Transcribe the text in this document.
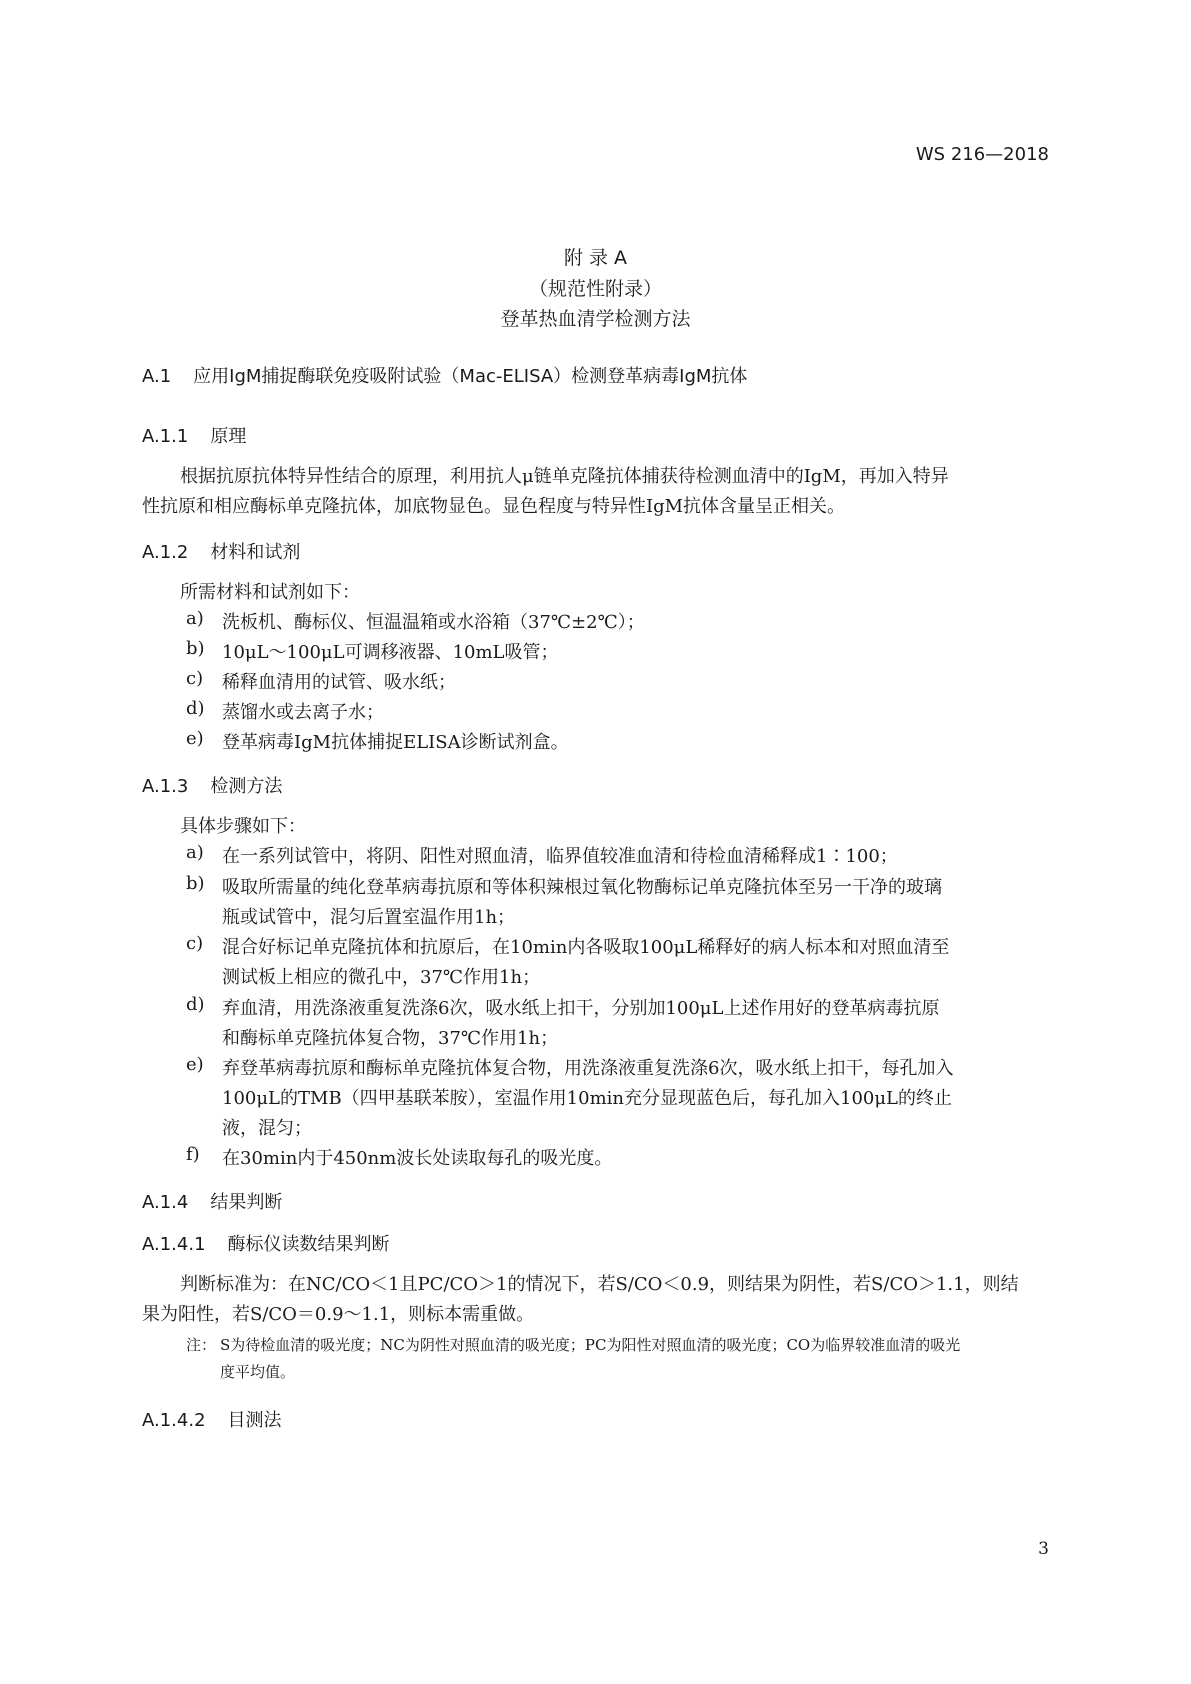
WS 216—2018
附 录 A
（规范性附录）
登革热血清学检测方法
A.1 应用IgM捕捉酶联免疫吸附试验（Mac-ELISA）检测登革病毒IgM抗体
A.1.1 原理
根据抗原抗体特异性结合的原理，利用抗人μ链单克隆抗体捕获待检测血清中的IgM，再加入特异
性抗原和相应酶标单克隆抗体，加底物显色。显色程度与特异性IgM抗体含量呈正相关。
A.1.2 材料和试剂
所需材料和试剂如下：
a) 洗板机、酶标仪、恒温温箱或水浴箱（37℃±2℃）；
b) 10μL～100μL可调移液器、10mL吸管；
c) 稀释血清用的试管、吸水纸；
d) 蒸馏水或去离子水；
e) 登革病毒IgM抗体捕捉ELISA诊断试剂盒。
A.1.3 检测方法
具体步骤如下：
a) 在一系列试管中，将阴、阳性对照血清，临界值较准血清和待检血清稀释成1∶100；
b) 吸取所需量的纯化登革病毒抗原和等体积辣根过氧化物酶标记单克隆抗体至另一干净的玻璃
瓶或试管中，混匀后置室温作用1h；
c) 混合好标记单克隆抗体和抗原后，在10min内各吸取100μL稀释好的病人标本和对照血清至
测试板上相应的微孔中，37℃作用1h；
d) 弃血清，用洗涤液重复洗涤6次，吸水纸上扣干，分别加100μL上述作用好的登革病毒抗原
和酶标单克隆抗体复合物，37℃作用1h；
e) 弃登革病毒抗原和酶标单克隆抗体复合物，用洗涤液重复洗涤6次，吸水纸上扣干，每孔加入
100μL的TMB（四甲基联苯胺），室温作用10min充分显现蓝色后，每孔加入100μL的终止
液，混匀；
f) 在30min内于450nm波长处读取每孔的吸光度。
A.1.4 结果判断
A.1.4.1 酶标仪读数结果判断
判断标准为：在NC/CO＜1且PC/CO＞1的情况下，若S/CO＜0.9，则结果为阴性，若S/CO＞1.1，则结
果为阳性，若S/CO＝0.9～1.1，则标本需重做。
注： S为待检血清的吸光度；NC为阴性对照血清的吸光度；PC为阳性对照血清的吸光度；CO为临界较准血清的吸光
度平均值。
A.1.4.2 目测法
3
